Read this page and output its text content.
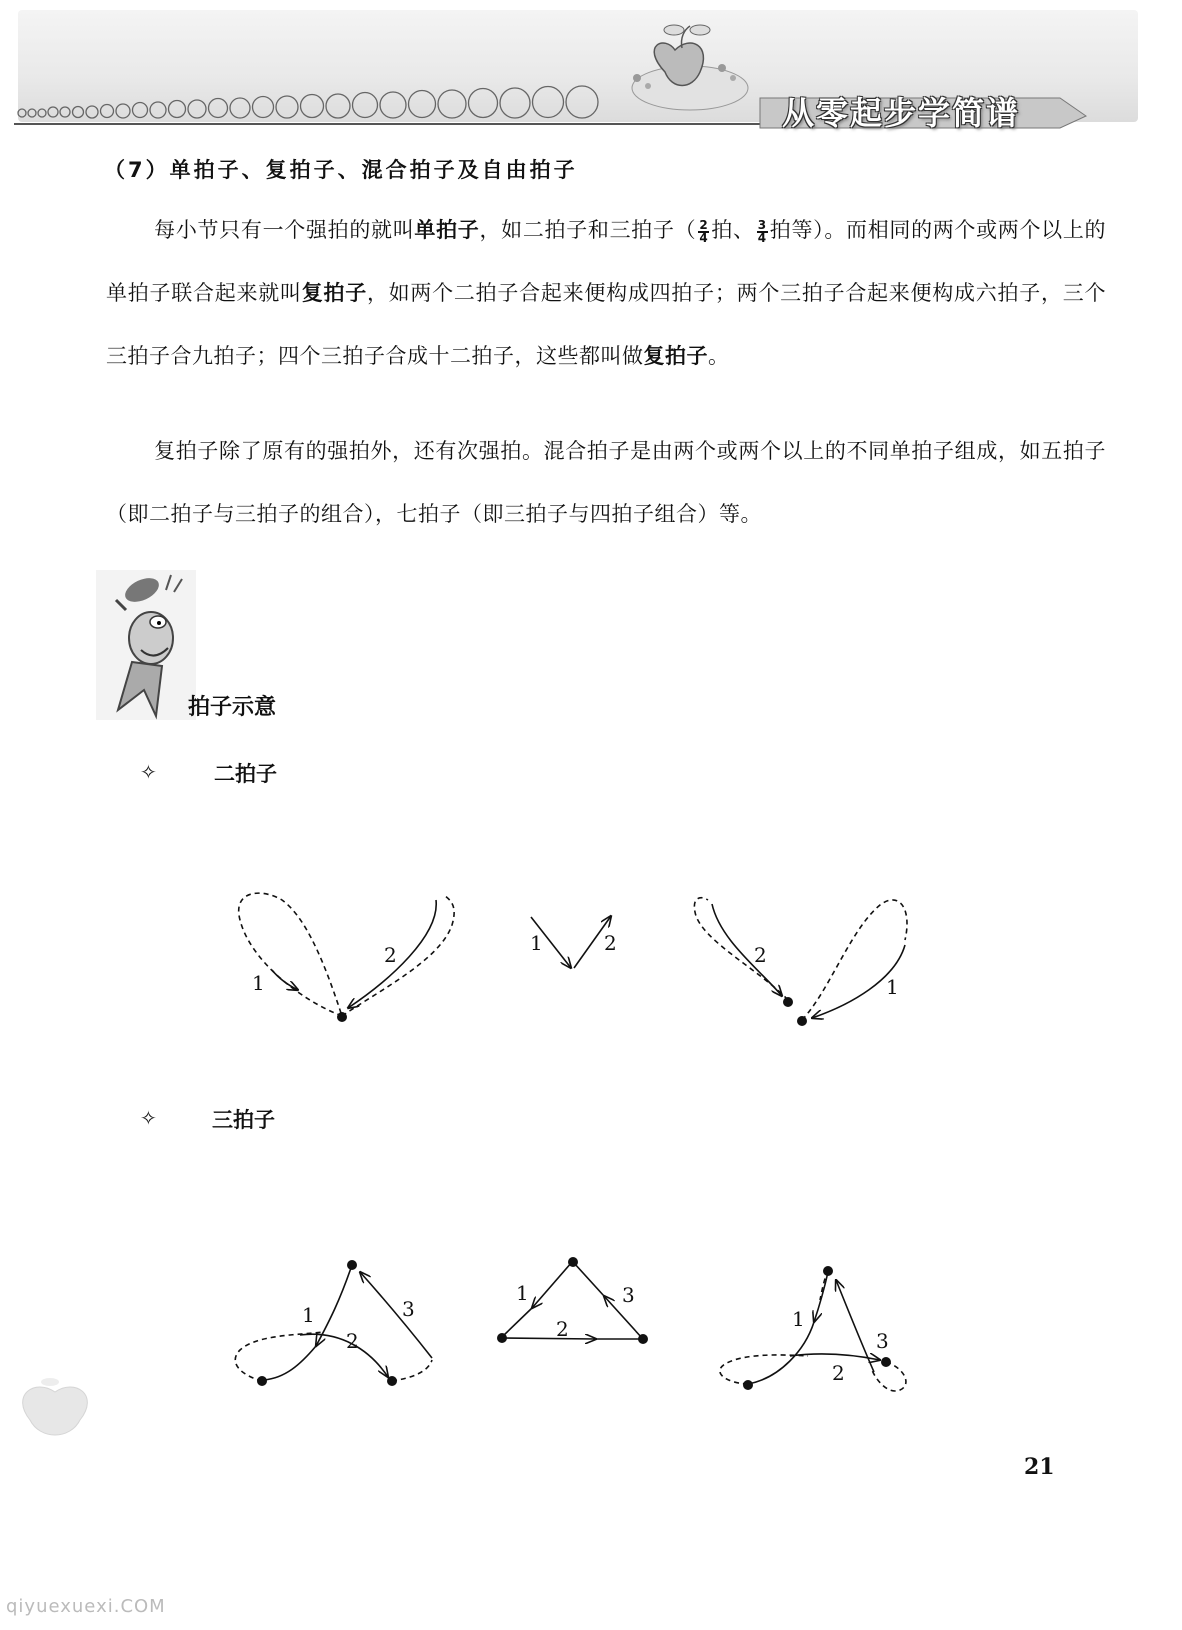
从零起步学简谱
（7）单拍子、复拍子、混合拍子及自由拍子
每小节只有一个强拍的就叫单拍子，如二拍子和三拍子（ $\frac{2}{4}$ 拍、 $\frac{3}{4}$ 拍等）。而相同的两个或两个以上的单拍子联合起来就叫复拍子，如两个二拍子合起来便构成四拍子；两个三拍子合起来便构成六拍子，三个三拍子合九拍子；四个三拍子合成十二拍子，这些都叫做复拍子。
复拍子除了原有的强拍外，还有次强拍。混合拍子是由两个或两个以上的不同单拍子组成，如五拍子（即二拍子与三拍子的组合），七拍子（即三拍子与四拍子组合）等。
拍子示意
✧	二拍子
1
2	1	2	2
1
1
2
3
1
2
3
1
2
3
✧	三拍子
21
qiyuexuexi.COM
